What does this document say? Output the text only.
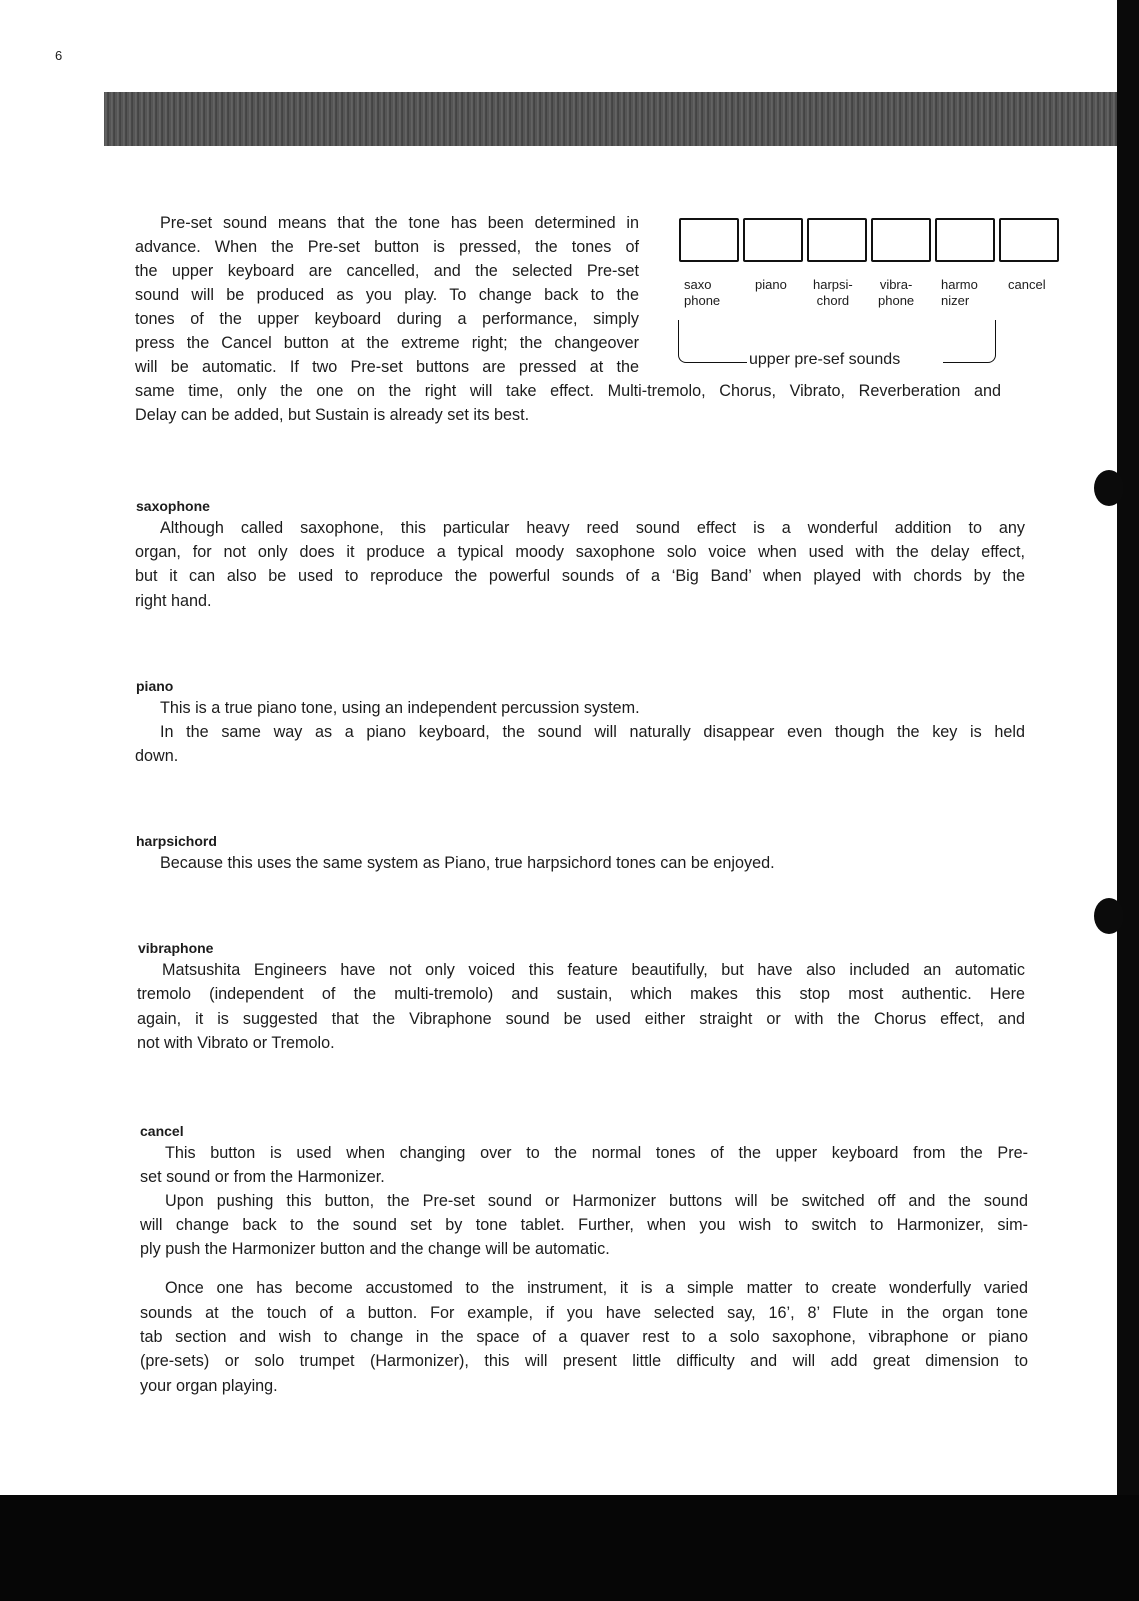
6

Pre-set sound means that the tone has been determined in

advance. When the Pre-set button is pressed, the tones of

the upper keyboard are cancelled, and the selected Pre-set

sound will be produced as you play. To change back to the

tones of the upper keyboard during a performance, simply

press the Cancel button at the extreme right; the changeover

will be automatic. If two Pre-set buttons are pressed at the

same time, only the one on the right will take effect. Multi-tremolo, Chorus, Vibrato, Reverberation and

Delay can be added, but Sustain is already set its best.

saxo
phone
piano harpsi-
chord
vibra-
phone
harmo
nizer
cancel
upper pre-sef sounds
saxophone

Although called saxophone, this particular heavy reed sound effect is a wonderful addition to any

organ, for not only does it produce a typical moody saxophone solo voice when used with the delay effect,

but it can also be used to reproduce the powerful sounds of a ‘Big Band’ when played with chords by the

right hand.

piano

This is a true piano tone, using an independent percussion system.

In the same way as a piano keyboard, the sound will naturally disappear even though the key is held

down.

harpsichord

Because this uses the same system as Piano, true harpsichord tones can be enjoyed.

vibraphone

Matsushita Engineers have not only voiced this feature beautifully, but have also included an automatic

tremolo (independent of the multi-tremolo) and sustain, which makes this stop most authentic. Here

again, it is suggested that the Vibraphone sound be used either straight or with the Chorus effect, and

not with Vibrato or Tremolo.

cancel

This button is used when changing over to the normal tones of the upper keyboard from the Pre-

set sound or from the Harmonizer.

Upon pushing this button, the Pre-set sound or Harmonizer buttons will be switched off and the sound

will change back to the sound set by tone tablet. Further, when you wish to switch to Harmonizer, sim-

ply push the Harmonizer button and the change will be automatic.

Once one has become accustomed to the instrument, it is a simple matter to create wonderfully varied

sounds at the touch of a button. For example, if you have selected say, 16’, 8’ Flute in the organ tone

tab section and wish to change in the space of a quaver rest to a solo saxophone, vibraphone or piano

(pre-sets) or solo trumpet (Harmonizer), this will present little difficulty and will add great dimension to

your organ playing.
